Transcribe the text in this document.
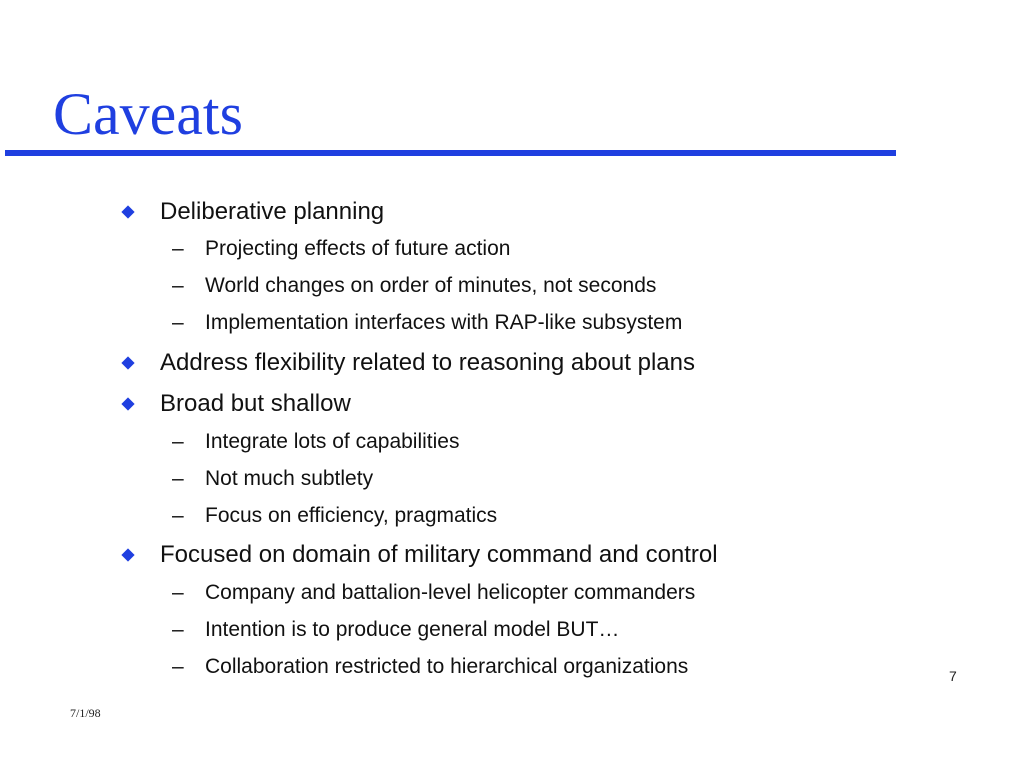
Caveats
Deliberative planning
– Projecting effects of future action
– World changes on order of minutes, not seconds
– Implementation interfaces with RAP-like subsystem
Address flexibility related to reasoning about plans
Broad but shallow
– Integrate lots of capabilities
– Not much subtlety
– Focus on efficiency, pragmatics
Focused on domain of military command and control
– Company and battalion-level helicopter commanders
– Intention is to produce general model BUT…
– Collaboration restricted to hierarchical organizations	7
7/1/98
